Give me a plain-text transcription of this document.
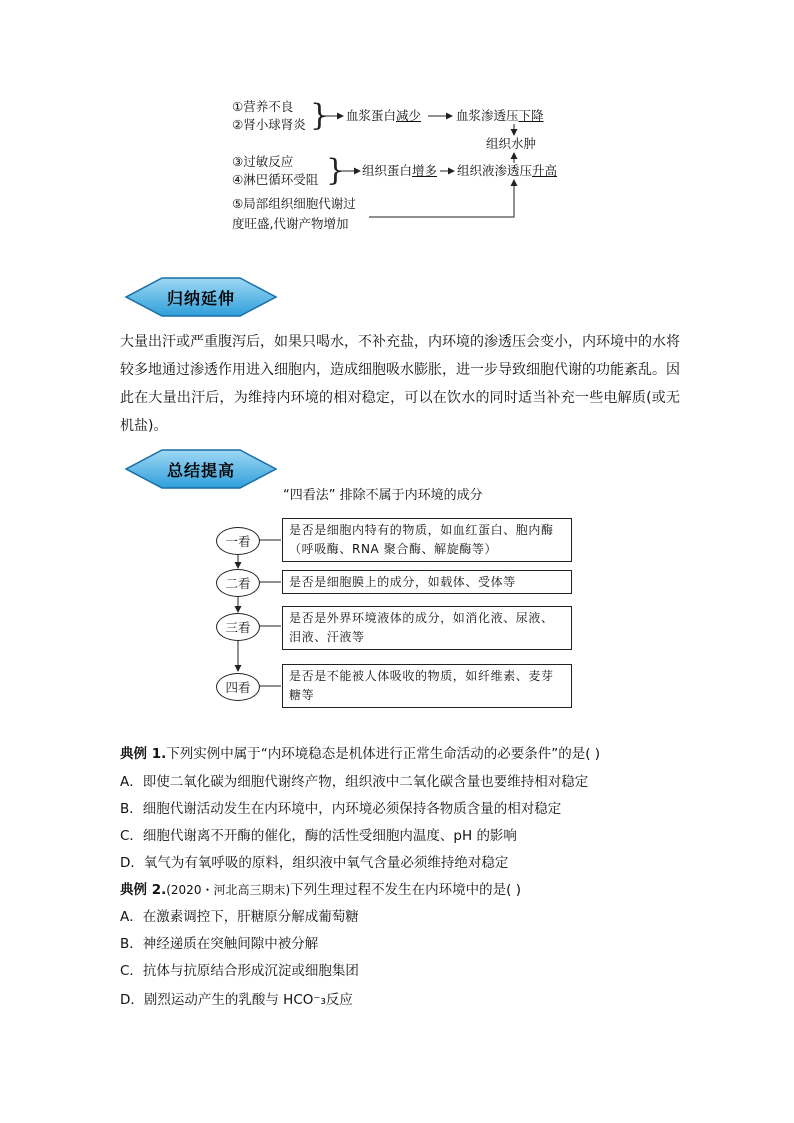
①营养不良
②肾小球肾炎 } 血浆蛋白减少	血浆渗透压下降
组织水肿
③过敏反应
④淋巴循环受阻 } 组织蛋白增多 组织液渗透压升高
⑤局部组织细胞代谢过
度旺盛,代谢产物增加
归纳延伸
大量出汗或严重腹泻后，如果只喝水，不补充盐，内环境的渗透压会变小，内环境中的水将较多地通过渗透作用进入细胞内，造成细胞吸水膨胀，进一步导致细胞代谢的功能紊乱。因此在大量出汗后，为维持内环境的相对稳定，可以在饮水的同时适当补充一些电解质(或无机盐)。
总结提高
“四看法” 排除不属于内环境的成分
一看
二看
三看
四看
是否是细胞内特有的物质，如血红蛋白、胞内酶（呼吸酶、RNA 聚合酶、解旋酶等）
是否是细胞膜上的成分，如载体、受体等
是否是外界环境液体的成分，如消化液、尿液、泪液、汗液等
是否是不能被人体吸收的物质，如纤维素、麦芽糖等
典例 1.下列实例中属于“内环境稳态是机体进行正常生命活动的必要条件”的是( )
A．即使二氧化碳为细胞代谢终产物，组织液中二氧化碳含量也要维持相对稳定
B．细胞代谢活动发生在内环境中，内环境必须保持各物质含量的相对稳定
C．细胞代谢离不开酶的催化，酶的活性受细胞内温度、pH 的影响
D．氧气为有氧呼吸的原料，组织液中氧气含量必须维持绝对稳定
典例 2.(2020・河北高三期末)下列生理过程不发生在内环境中的是( )
A．在激素调控下，肝糖原分解成葡萄糖
B．神经递质在突触间隙中被分解
C．抗体与抗原结合形成沉淀或细胞集团
D．剧烈运动产生的乳酸与 HCO⁻₃反应
